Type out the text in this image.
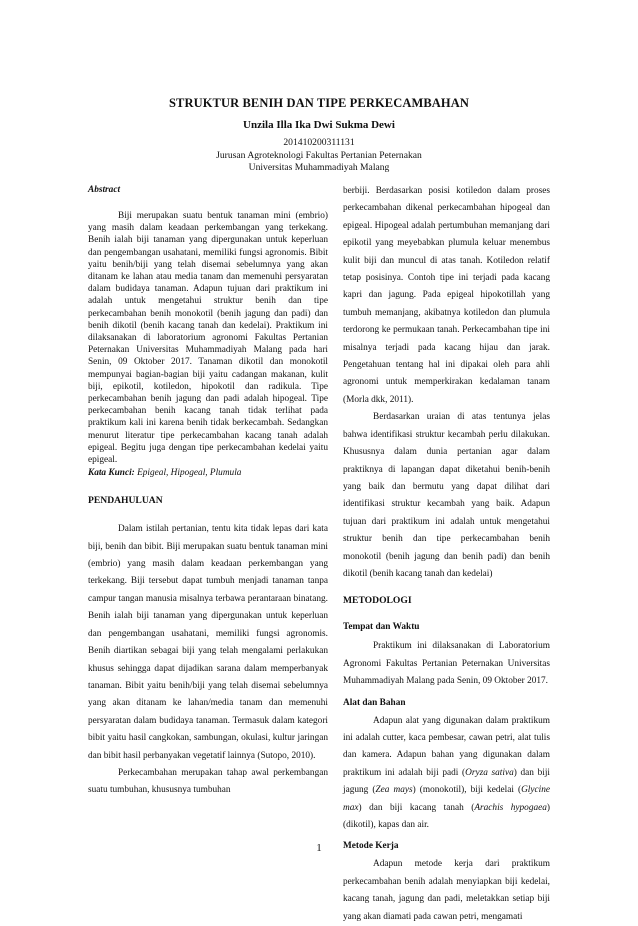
STRUKTUR BENIH DAN TIPE PERKECAMBAHAN
Unzila Illa Ika Dwi Sukma Dewi
201410200311131
Jurusan Agroteknologi Fakultas Pertanian Peternakan
Universitas Muhammadiyah Malang

Abstract

Biji merupakan suatu bentuk tanaman mini (embrio) yang masih dalam keadaan perkembangan yang terkekang. Benih ialah biji tanaman yang dipergunakan untuk keperluan dan pengembangan usahatani, memiliki fungsi agronomis. Bibit yaitu benih/biji yang telah disemai sebelumnya yang akan ditanam ke lahan atau media tanam dan memenuhi persyaratan dalam budidaya tanaman. Adapun tujuan dari praktikum ini adalah untuk mengetahui struktur benih dan tipe perkecambahan benih monokotil (benih jagung dan padi) dan benih dikotil (benih kacang tanah dan kedelai). Praktikum ini dilaksanakan di laboratorium agronomi Fakultas Pertanian Peternakan Universitas Muhammadiyah Malang pada hari Senin, 09 Oktober 2017. Tanaman dikotil dan monokotil mempunyai bagian-bagian biji yaitu cadangan makanan, kulit biji, epikotil, kotiledon, hipokotil dan radikula. Tipe perkecambahan benih jagung dan padi adalah hipogeal. Tipe perkecambahan benih kacang tanah tidak terlihat pada praktikum kali ini karena benih tidak berkecambah. Sedangkan menurut literatur tipe perkecambahan kacang tanah adalah epigeal. Begitu juga dengan tipe perkecambahan kedelai yaitu epigeal.

Kata Kunci: Epigeal, Hipogeal, Plumula

PENDAHULUAN

Dalam istilah pertanian, tentu kita tidak lepas dari kata biji, benih dan bibit. Biji merupakan suatu bentuk tanaman mini (embrio) yang masih dalam keadaan perkembangan yang terkekang. Biji tersebut dapat tumbuh menjadi tanaman tanpa campur tangan manusia misalnya terbawa perantaraan binatang. Benih ialah biji tanaman yang dipergunakan untuk keperluan dan pengembangan usahatani, memiliki fungsi agronomis. Benih diartikan sebagai biji yang telah mengalami perlakukan khusus sehingga dapat dijadikan sarana dalam memperbanyak tanaman. Bibit yaitu benih/biji yang telah disemai sebelumnya yang akan ditanam ke lahan/media tanam dan memenuhi persyaratan dalam budidaya tanaman. Termasuk dalam kategori bibit yaitu hasil cangkokan, sambungan, okulasi, kultur jaringan dan bibit hasil perbanyakan vegetatif lainnya (Sutopo, 2010).

Perkecambahan merupakan tahap awal perkembangan suatu tumbuhan, khususnya tumbuhan

berbiji. Berdasarkan posisi kotiledon dalam proses perkecambahan dikenal perkecambahan hipogeal dan epigeal. Hipogeal adalah pertumbuhan memanjang dari epikotil yang meyebabkan plumula keluar menembus kulit biji dan muncul di atas tanah. Kotiledon relatif tetap posisinya. Contoh tipe ini terjadi pada kacang kapri dan jagung. Pada epigeal hipokotillah yang tumbuh memanjang, akibatnya kotiledon dan plumula terdorong ke permukaan tanah. Perkecambahan tipe ini misalnya terjadi pada kacang hijau dan jarak. Pengetahuan tentang hal ini dipakai oleh para ahli agronomi untuk memperkirakan kedalaman tanam (Morla dkk, 2011).

Berdasarkan uraian di atas tentunya jelas bahwa identifikasi struktur kecambah perlu dilakukan. Khususnya dalam dunia pertanian agar dalam praktiknya di lapangan dapat diketahui benih-benih yang baik dan bermutu yang dapat dilihat dari identifikasi struktur kecambah yang baik. Adapun tujuan dari praktikum ini adalah untuk mengetahui struktur benih dan tipe perkecambahan benih monokotil (benih jagung dan benih padi) dan benih dikotil (benih kacang tanah dan kedelai)

METODOLOGI

Tempat dan Waktu

Praktikum ini dilaksanakan di Laboratorium Agronomi Fakultas Pertanian Peternakan Universitas Muhammadiyah Malang pada Senin, 09 Oktober 2017.

Alat dan Bahan

Adapun alat yang digunakan dalam praktikum ini adalah cutter, kaca pembesar, cawan petri, alat tulis dan kamera. Adapun bahan yang digunakan dalam praktikum ini adalah biji padi (Oryza sativa) dan biji jagung (Zea mays) (monokotil), biji kedelai (Glycine max) dan biji kacang tanah (Arachis hypogaea) (dikotil), kapas dan air.

Metode Kerja

Adapun metode kerja dari praktikum perkecambahan benih adalah menyiapkan biji kedelai, kacang tanah, jagung dan padi, meletakkan setiap biji yang akan diamati pada cawan petri, mengamati

1
